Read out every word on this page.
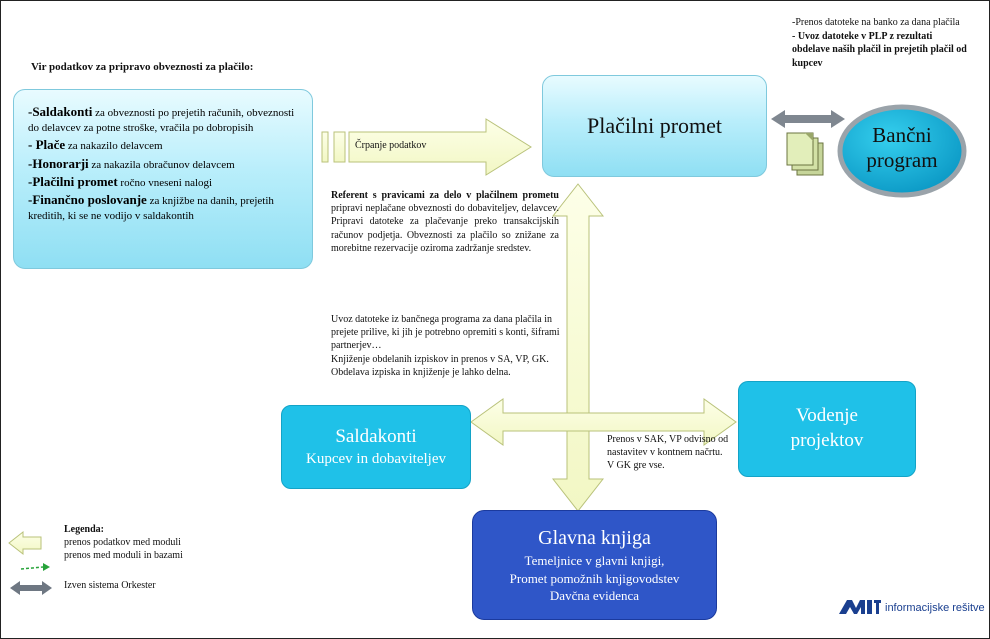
Vir podatkov za pripravo obveznosti za plačilo:

-Saldakonti za obveznosti po prejetih računih, obveznosti do delavcev za potne stroške, vračila po dobropisih

- Plače za nakazilo delavcem

-Honorarji za nakazila obračunov delavcem

-Plačilni promet ročno vneseni nalogi

-Finančno poslovanje za knjižbe na danih, prejetih kreditih, ki se ne vodijo v saldakontih

Črpanje podatkov
Plačilni promet

-Prenos datoteke na banko za dana plačila

- Uvoz datoteke v PLP z rezultati obdelave naših plačil in prejetih plačil od kupcev

Bančni
program
Referent s pravicami za delo v plačilnem prometu pripravi neplačane obveznosti do dobaviteljev, delavcev. Pripravi datoteke za plačevanje preko transakcijskih računov podjetja. Obveznosti za plačilo so znižane za morebitne rezervacije oziroma zadržanje sredstev.

Uvoz datoteke iz bančnega programa za dana plačila in prejete prilive, ki jih je potrebno opremiti s konti, šiframi partnerjev…

Knjiženje obdelanih izpiskov in prenos v SA, VP, GK.

Obdelava izpiska in knjiženje je lahko delna.

Saldakonti
Kupcev in dobaviteljev
Vodenje
projektov
Prenos v SAK, VP odvisno od nastavitev v kontnem načrtu. V GK gre vse.
Glavna knjiga
Temeljnice v glavni knjigi,
Promet pomožnih knjigovodstev
Davčna evidenca
Legenda:
prenos podatkov med moduli
prenos med moduli in bazami
Izven sistema Orkester
informacijske rešitve
